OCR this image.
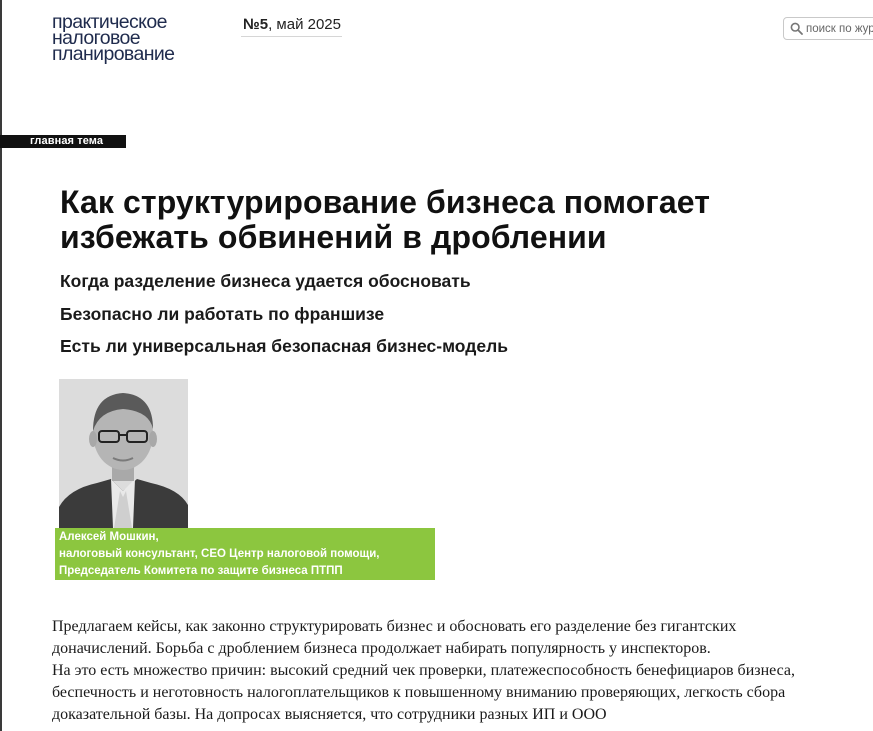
практическое
налоговое
планирование
№5, май 2025
поиск по журналу
главная тема
Как структурирование бизнеса помогает избежать обвинений в дроблении
Когда разделение бизнеса удается обосновать
Безопасно ли работать по франшизе
Есть ли универсальная безопасная бизнес-модель
Алексей Мошкин,
налоговый консультант, СЕО Центр налоговой помощи,
Председатель Комитета по защите бизнеса ПТПП

Предлагаем кейсы, как законно структурировать бизнес и обосновать его разделение без гигантских доначислений. Борьба с дроблением бизнеса продолжает набирать популярность у инспекторов.

На это есть множество причин: высокий средний чек проверки, платежеспособность бенефициаров бизнеса, беспечность и неготовность налогоплательщиков к повышенному вниманию проверяющих, легкость сбора доказательной базы. На допросах выясняется, что сотрудники разных ИП и ООО
